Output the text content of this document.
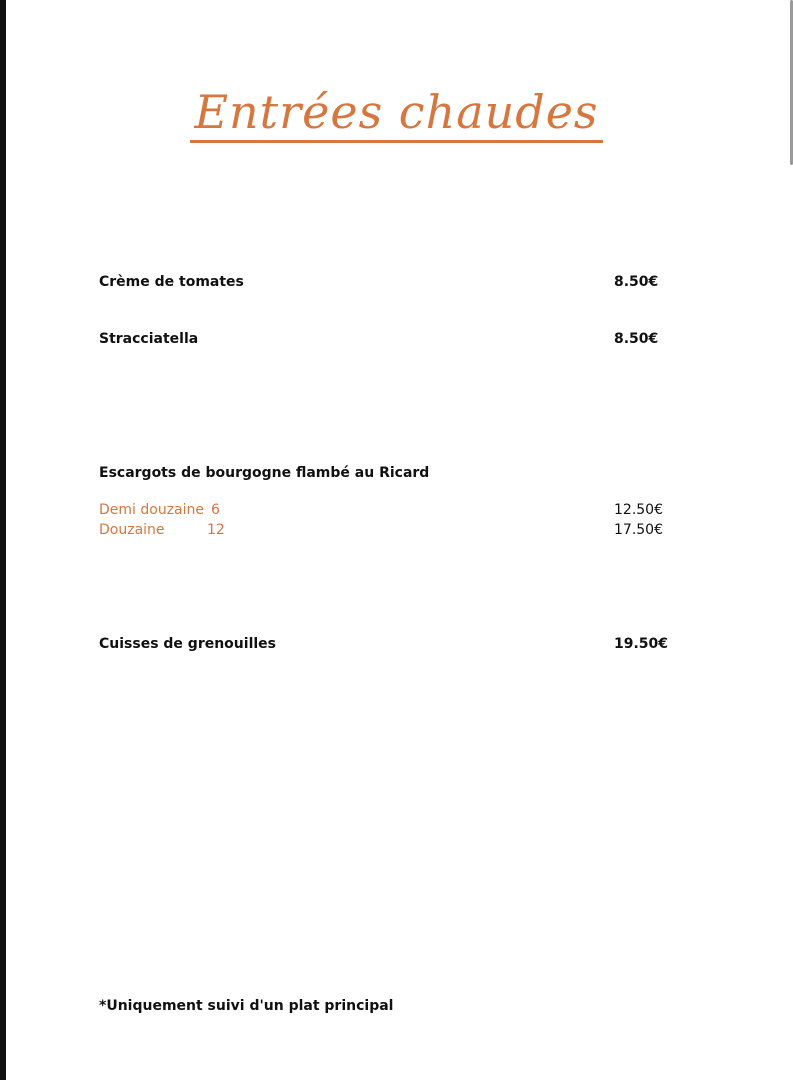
Entrées chaudes
Crème de tomates	8.50€
Stracciatella	8.50€
Escargots de bourgogne flambé au Ricard
Demi douzaine 6	12.50€
Douzaine	12	17.50€
Cuisses de grenouilles	19.50€
*Uniquement suivi d'un plat principal
